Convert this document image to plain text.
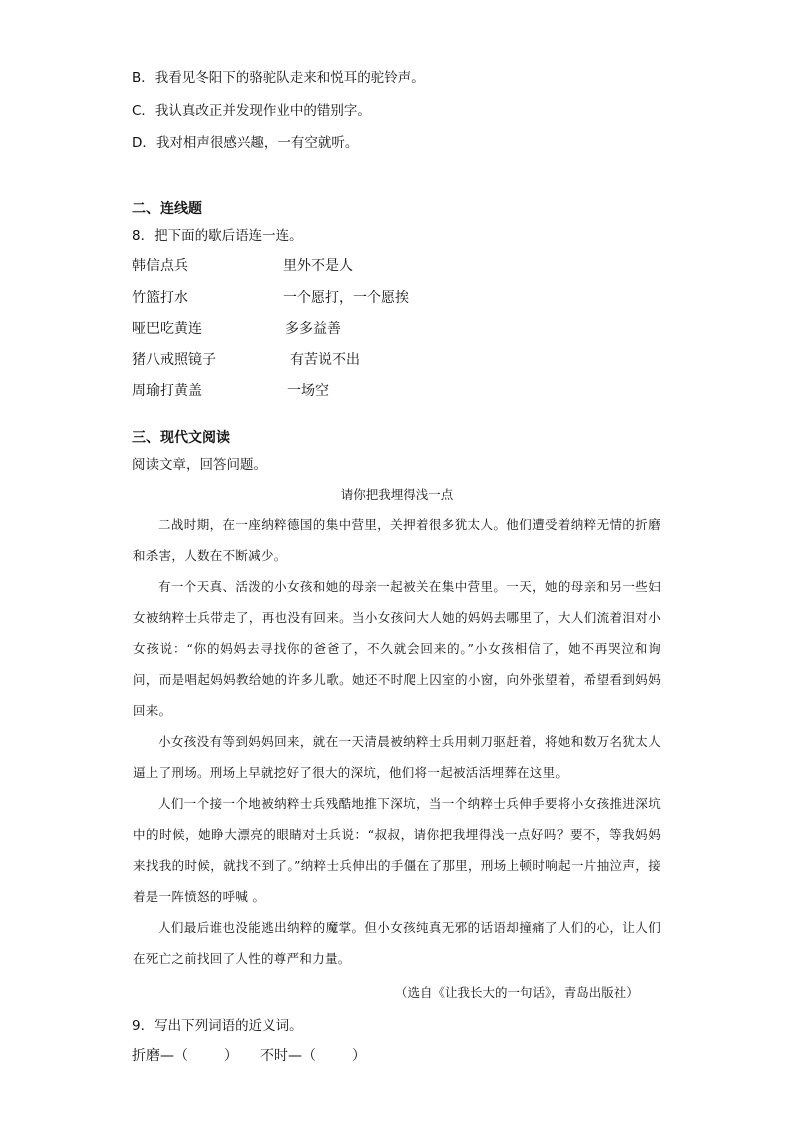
B．我看见冬阳下的骆驼队走来和悦耳的驼铃声。
C．我认真改正并发现作业中的错别字。
D．我对相声很感兴趣，一有空就听。
二、连线题
8．把下面的歇后语连一连。
韩信点兵
竹篮打水
哑巴吃黄连
猪八戒照镜子
周瑜打黄盖
里外不是人
一个愿打，一个愿挨
多多益善
有苦说不出
一场空
三、现代文阅读
阅读文章，回答问题。
请你把我埋得浅一点
二战时期，在一座纳粹德国的集中营里，关押着很多犹太人。他们遭受着纳粹无情的折磨和杀害，人数在不断减少。
有一个天真、活泼的小女孩和她的母亲一起被关在集中营里。一天，她的母亲和另一些妇女被纳粹士兵带走了，再也没有回来。当小女孩问大人她的妈妈去哪里了，大人们流着泪对小女孩说：“你的妈妈去寻找你的爸爸了，不久就会回来的。”小女孩相信了，她不再哭泣和询问，而是唱起妈妈教给她的许多儿歌。她还不时爬上囚室的小窗，向外张望着，希望看到妈妈回来。
小女孩没有等到妈妈回来，就在一天清晨被纳粹士兵用刺刀驱赶着，将她和数万名犹太人逼上了刑场。刑场上早就挖好了很大的深坑，他们将一起被活活埋葬在这里。
人们一个接一个地被纳粹士兵残酷地推下深坑，当一个纳粹士兵伸手要将小女孩推进深坑中的时候，她睁大漂亮的眼睛对士兵说：“叔叔，请你把我埋得浅一点好吗？要不，等我妈妈来找我的时候，就找不到了。”纳粹士兵伸出的手僵在了那里，刑场上顿时响起一片抽泣声，接着是一阵愤怒的呼喊 。
人们最后谁也没能逃出纳粹的魔掌。但小女孩纯真无邪的话语却撞痛了人们的心，让人们在死亡之前找回了人性的尊严和力量。
（选自《让我长大的一句话》，青岛出版社）
9．写出下列词语的近义词。
折磨—（	） 不时—（	）
